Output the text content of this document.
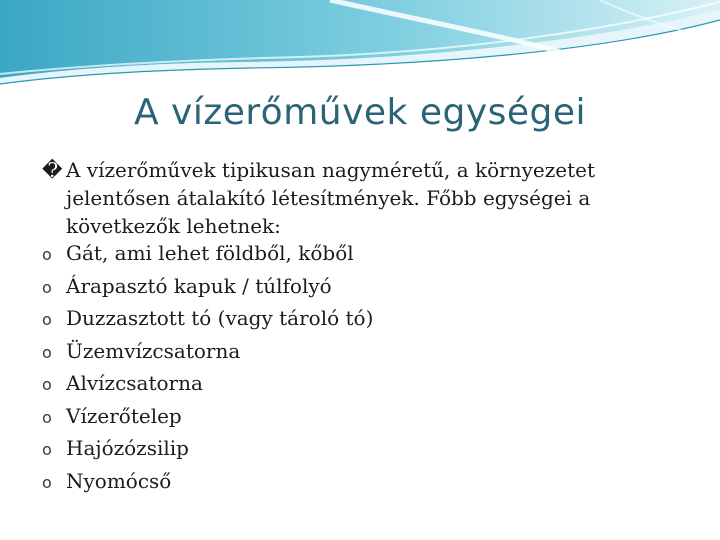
A vízerőművek egységei
� A vízerőművek tipikusan nagyméretű, a környezetet
jelentősen átalakító létesítmények. Főbb egységei a
következők lehetnek:
o Gát, ami lehet földből, kőből
o Árapasztó kapuk / túlfolyó
o Duzzasztott tó (vagy tároló tó)
o Üzemvízcsatorna
o Alvízcsatorna
o Vízerőtelep
o Hajózózsilip
o Nyomócső
